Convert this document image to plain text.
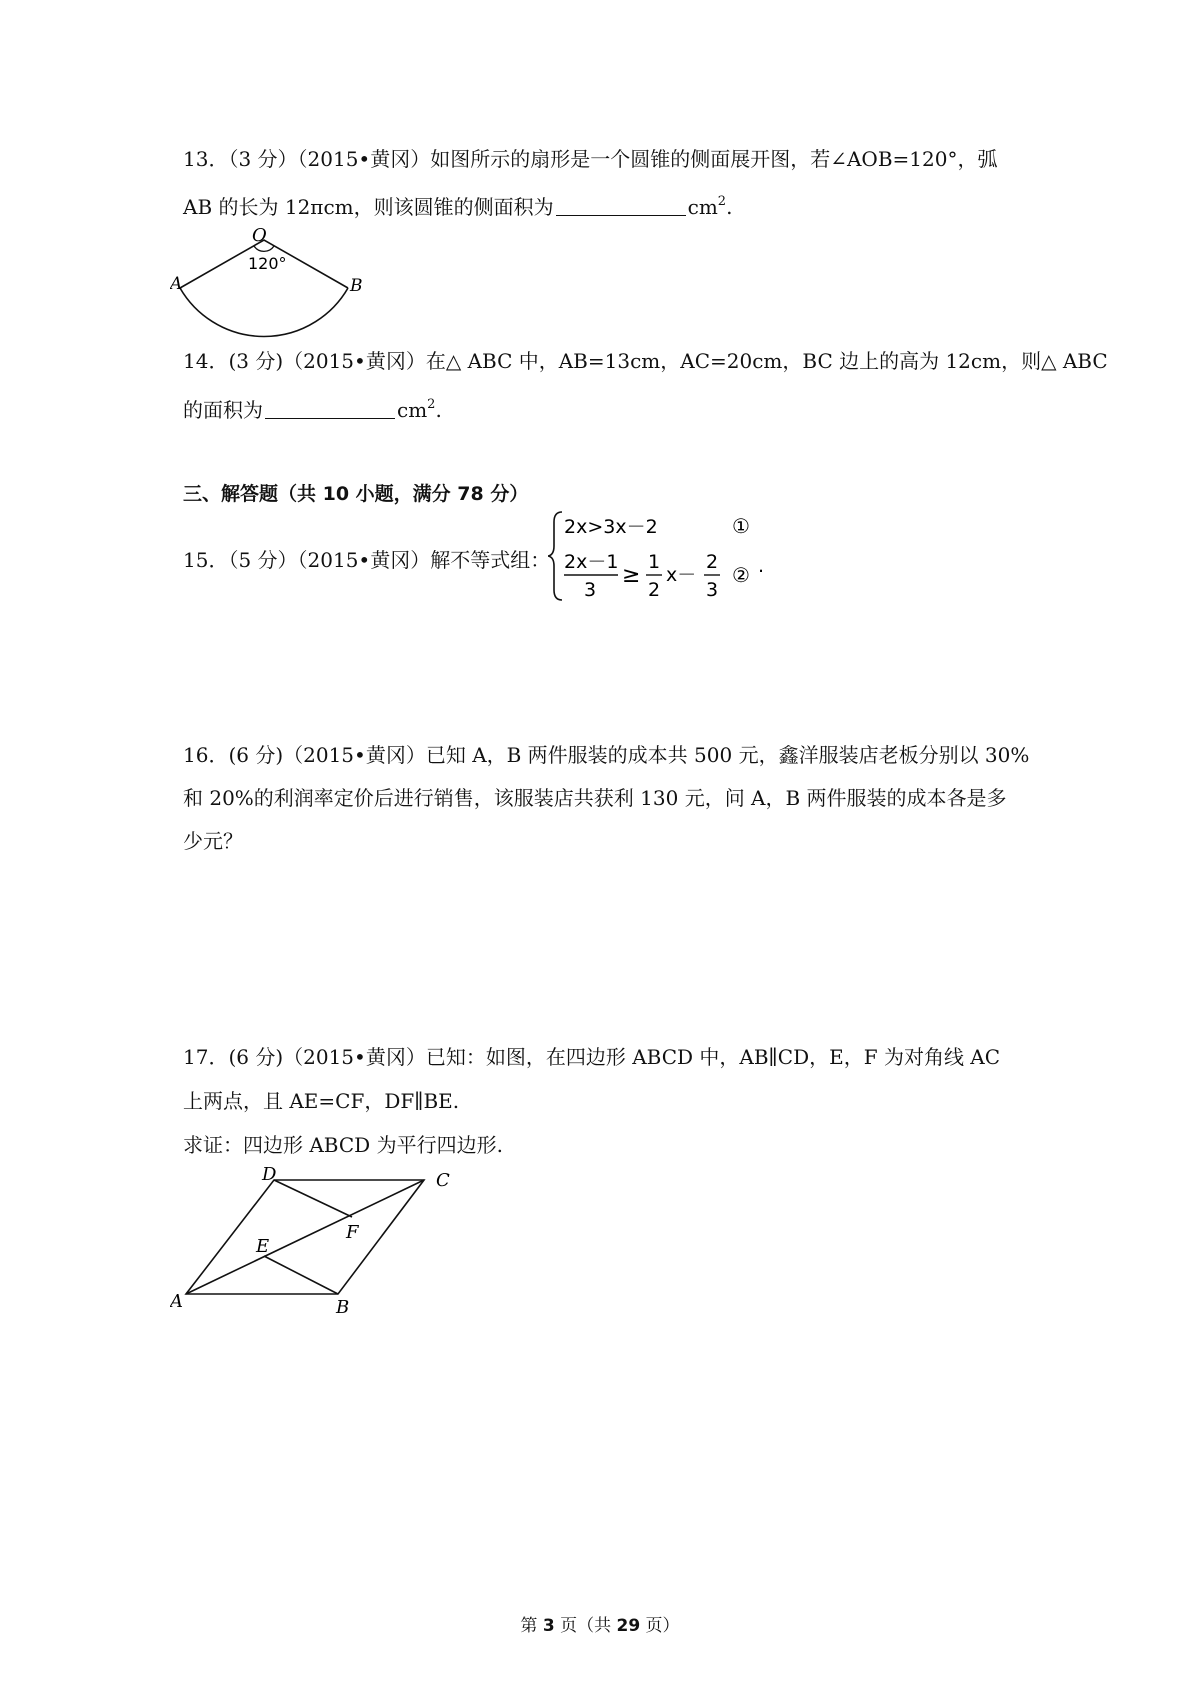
13．（3 分）（2015•黄冈）如图所示的扇形是一个圆锥的侧面展开图，若∠AOB=120°，弧
AB 的长为 12πcm，则该圆锥的侧面积为	$cm^2$.
O
A	B
120°
14．(3 分)（2015•黄冈）在△ ABC 中，AB=13cm，AC=20cm，BC 边上的高为 12cm，则△ ABC
的面积为	$cm^2$.
三、解答题（共 10 小题，满分 78 分）
15．（5 分）（2015•黄冈）解不等式组：
2x>3x－2	①
2x－1
3
≥
1
2
x－
2
3
② .
16．(6 分)（2015•黄冈）已知 A，B 两件服装的成本共 500 元，鑫洋服装店老板分别以 30%
和 20%的利润率定价后进行销售，该服装店共获利 130 元，问 A，B 两件服装的成本各是多
少元？
17．(6 分)（2015•黄冈）已知：如图，在四边形 ABCD 中，AB∥CD，E，F 为对角线 AC
上两点，且 AE=CF，DF∥BE.
求证：四边形 ABCD 为平行四边形.
A	B
C
D
E
F
第 3 页（共 29 页）
